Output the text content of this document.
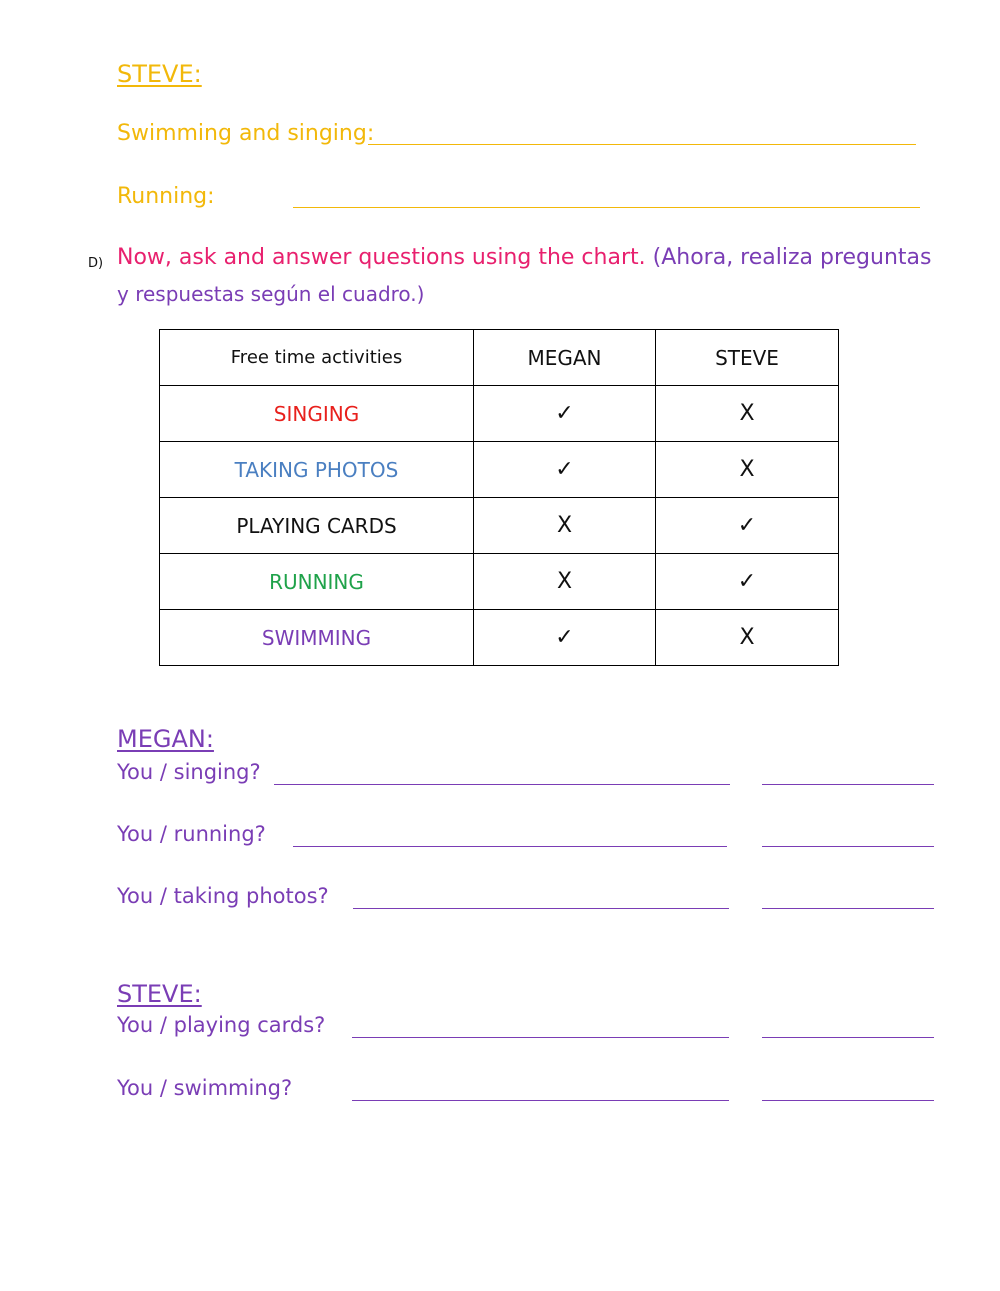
STEVE:
Swimming and singing:
Running:
D) Now, ask and answer questions using the chart. (Ahora, realiza preguntas
y respuestas según el cuadro.)
Free time activities	MEGAN	STEVE
SINGING	✓	X
TAKING PHOTOS	✓	X
PLAYING CARDS	X	✓
RUNNING	X	✓
SWIMMING	✓	X
MEGAN:
You / singing?
You / running?
You / taking photos?
STEVE:
You / playing cards?
You / swimming?
